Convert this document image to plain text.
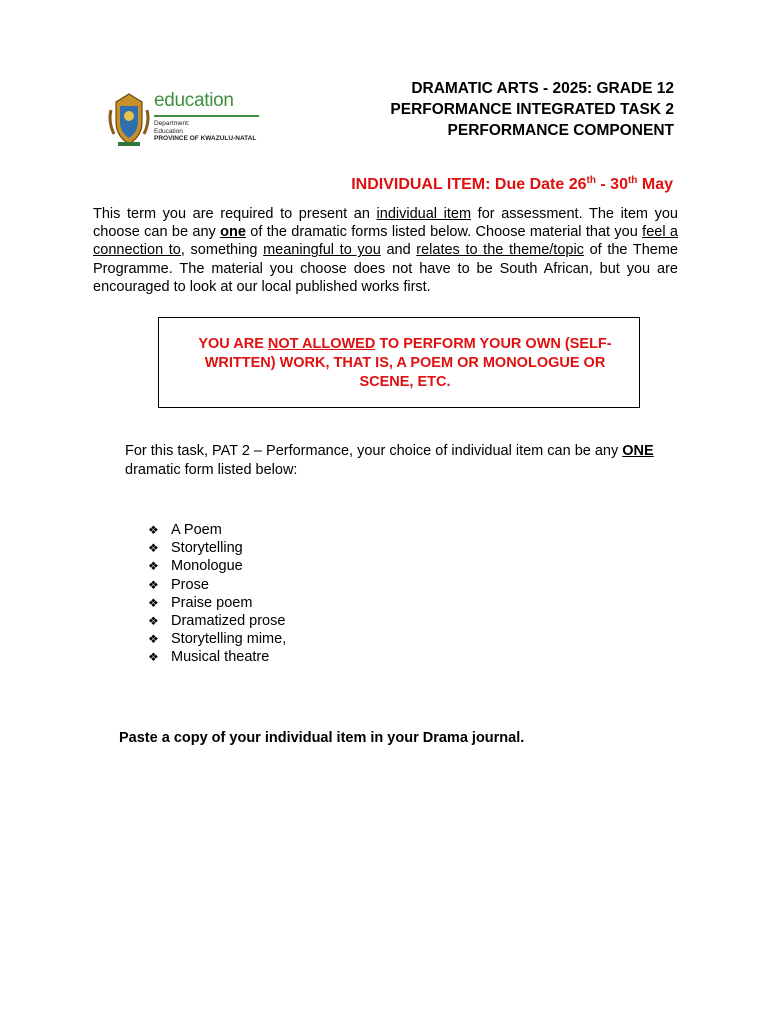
education
Department:
Education
PROVINCE OF KWAZULU-NATAL
DRAMATIC ARTS - 2025: GRADE 12
PERFORMANCE INTEGRATED TASK 2
PERFORMANCE COMPONENT
INDIVIDUAL ITEM: Due Date 26th - 30th May
This term you are required to present an individual item for assessment. The item you choose can be any one of the dramatic forms listed below. Choose material that you feel a connection to, something meaningful to you and relates to the theme/topic of the Theme Programme. The material you choose does not have to be South African, but you are encouraged to look at our local published works first.
YOU ARE NOT ALLOWED TO PERFORM YOUR OWN (SELF-WRITTEN) WORK, THAT IS, A POEM OR MONOLOGUE OR SCENE, ETC.
For this task, PAT 2 – Performance, your choice of individual item can be any ONE dramatic form listed below:
❖ A Poem
❖ Storytelling
❖ Monologue
❖ Prose
❖ Praise poem
❖ Dramatized prose
❖ Storytelling mime,
❖ Musical theatre
Paste a copy of your individual item in your Drama journal.
